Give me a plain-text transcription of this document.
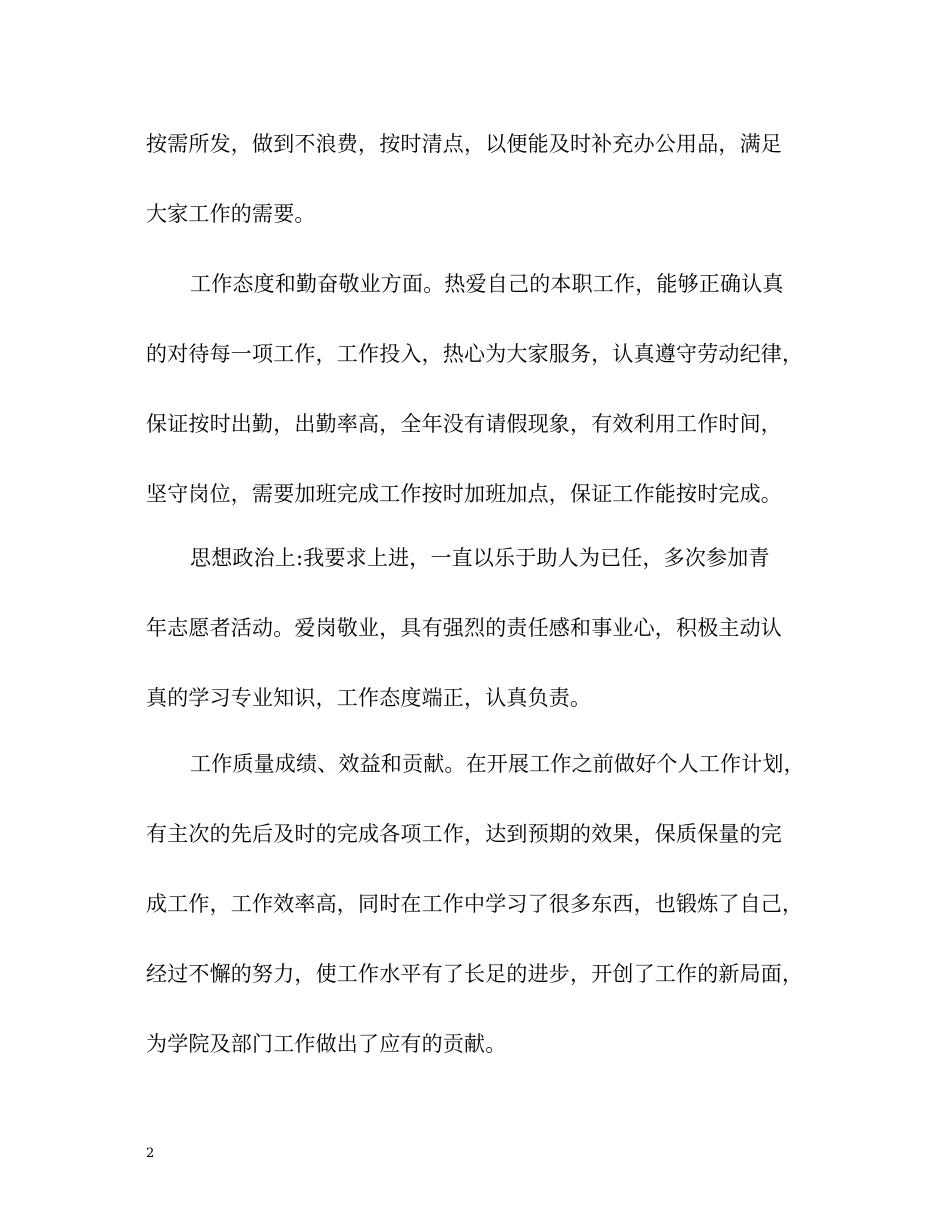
按需所发，做到不浪费，按时清点，以便能及时补充办公用品，满足
大家工作的需要。
工作态度和勤奋敬业方面。热爱自己的本职工作，能够正确认真
的对待每一项工作，工作投入，热心为大家服务，认真遵守劳动纪律，
保证按时出勤，出勤率高，全年没有请假现象，有效利用工作时间，
坚守岗位，需要加班完成工作按时加班加点，保证工作能按时完成。
思想政治上:我要求上进，一直以乐于助人为已任，多次参加青
年志愿者活动。爱岗敬业，具有强烈的责任感和事业心，积极主动认
真的学习专业知识，工作态度端正，认真负责。
工作质量成绩、效益和贡献。在开展工作之前做好个人工作计划，
有主次的先后及时的完成各项工作，达到预期的效果，保质保量的完
成工作，工作效率高，同时在工作中学习了很多东西，也锻炼了自己，
经过不懈的努力，使工作水平有了长足的进步，开创了工作的新局面，
为学院及部门工作做出了应有的贡献。
2
